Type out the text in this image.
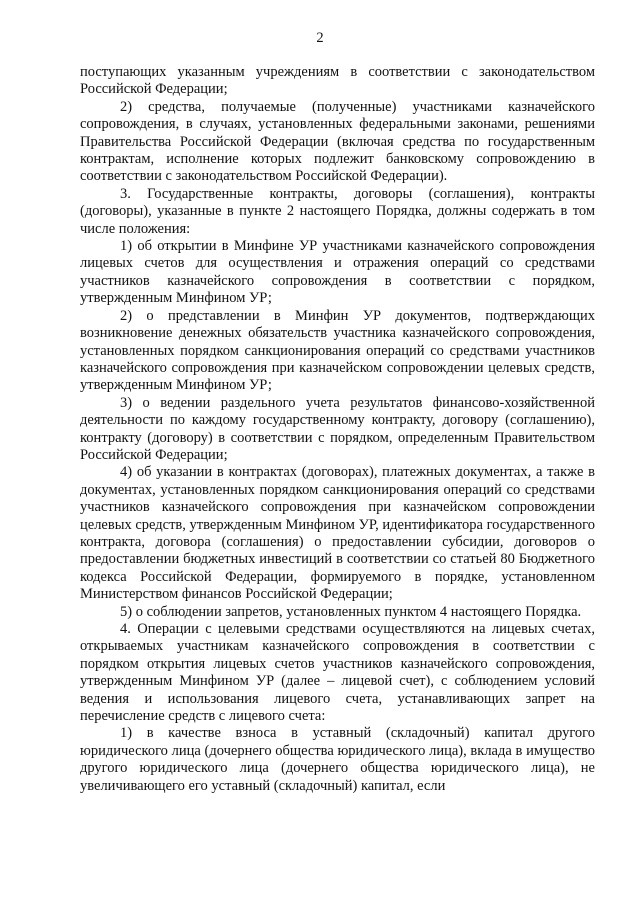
2

поступающих указанным учреждениям в соответствии с законодательством Российской Федерации;

2) средства, получаемые (полученные) участниками казначейского сопровождения, в случаях, установленных федеральными законами, решениями Правительства Российской Федерации (включая средства по государственным контрактам, исполнение которых подлежит банковскому сопровождению в соответствии с законодательством Российской Федерации).

3. Государственные контракты, договоры (соглашения), контракты (договоры), указанные в пункте 2 настоящего Порядка, должны содержать в том числе положения:

1) об открытии в Минфине УР участниками казначейского сопровождения лицевых счетов для осуществления и отражения операций со средствами участников казначейского сопровождения в соответствии с порядком, утвержденным Минфином УР;

2) о представлении в Минфин УР документов, подтверждающих возникновение денежных обязательств участника казначейского сопровождения, установленных порядком санкционирования операций со средствами участников казначейского сопровождения при казначейском сопровождении целевых средств, утвержденным Минфином УР;

3) о ведении раздельного учета результатов финансово-хозяйственной деятельности по каждому государственному контракту, договору (соглашению), контракту (договору) в соответствии с порядком, определенным Правительством Российской Федерации;

4) об указании в контрактах (договорах), платежных документах, а также в документах, установленных порядком санкционирования операций со средствами участников казначейского сопровождения при казначейском сопровождении целевых средств, утвержденным Минфином УР, идентификатора государственного контракта, договора (соглашения) о предоставлении субсидии, договоров о предоставлении бюджетных инвестиций в соответствии со статьей 80 Бюджетного кодекса Российской Федерации, формируемого в порядке, установленном Министерством финансов Российской Федерации;

5) о соблюдении запретов, установленных пунктом 4 настоящего Порядка.

4. Операции с целевыми средствами осуществляются на лицевых счетах, открываемых участникам казначейского сопровождения в соответствии с порядком открытия лицевых счетов участников казначейского сопровождения, утвержденным Минфином УР (далее – лицевой счет), с соблюдением условий ведения и использования лицевого счета, устанавливающих запрет на перечисление средств с лицевого счета:

1) в качестве взноса в уставный (складочный) капитал другого юридического лица (дочернего общества юридического лица), вклада в имущество другого юридического лица (дочернего общества юридического лица), не увеличивающего его уставный (складочный) капитал, если
